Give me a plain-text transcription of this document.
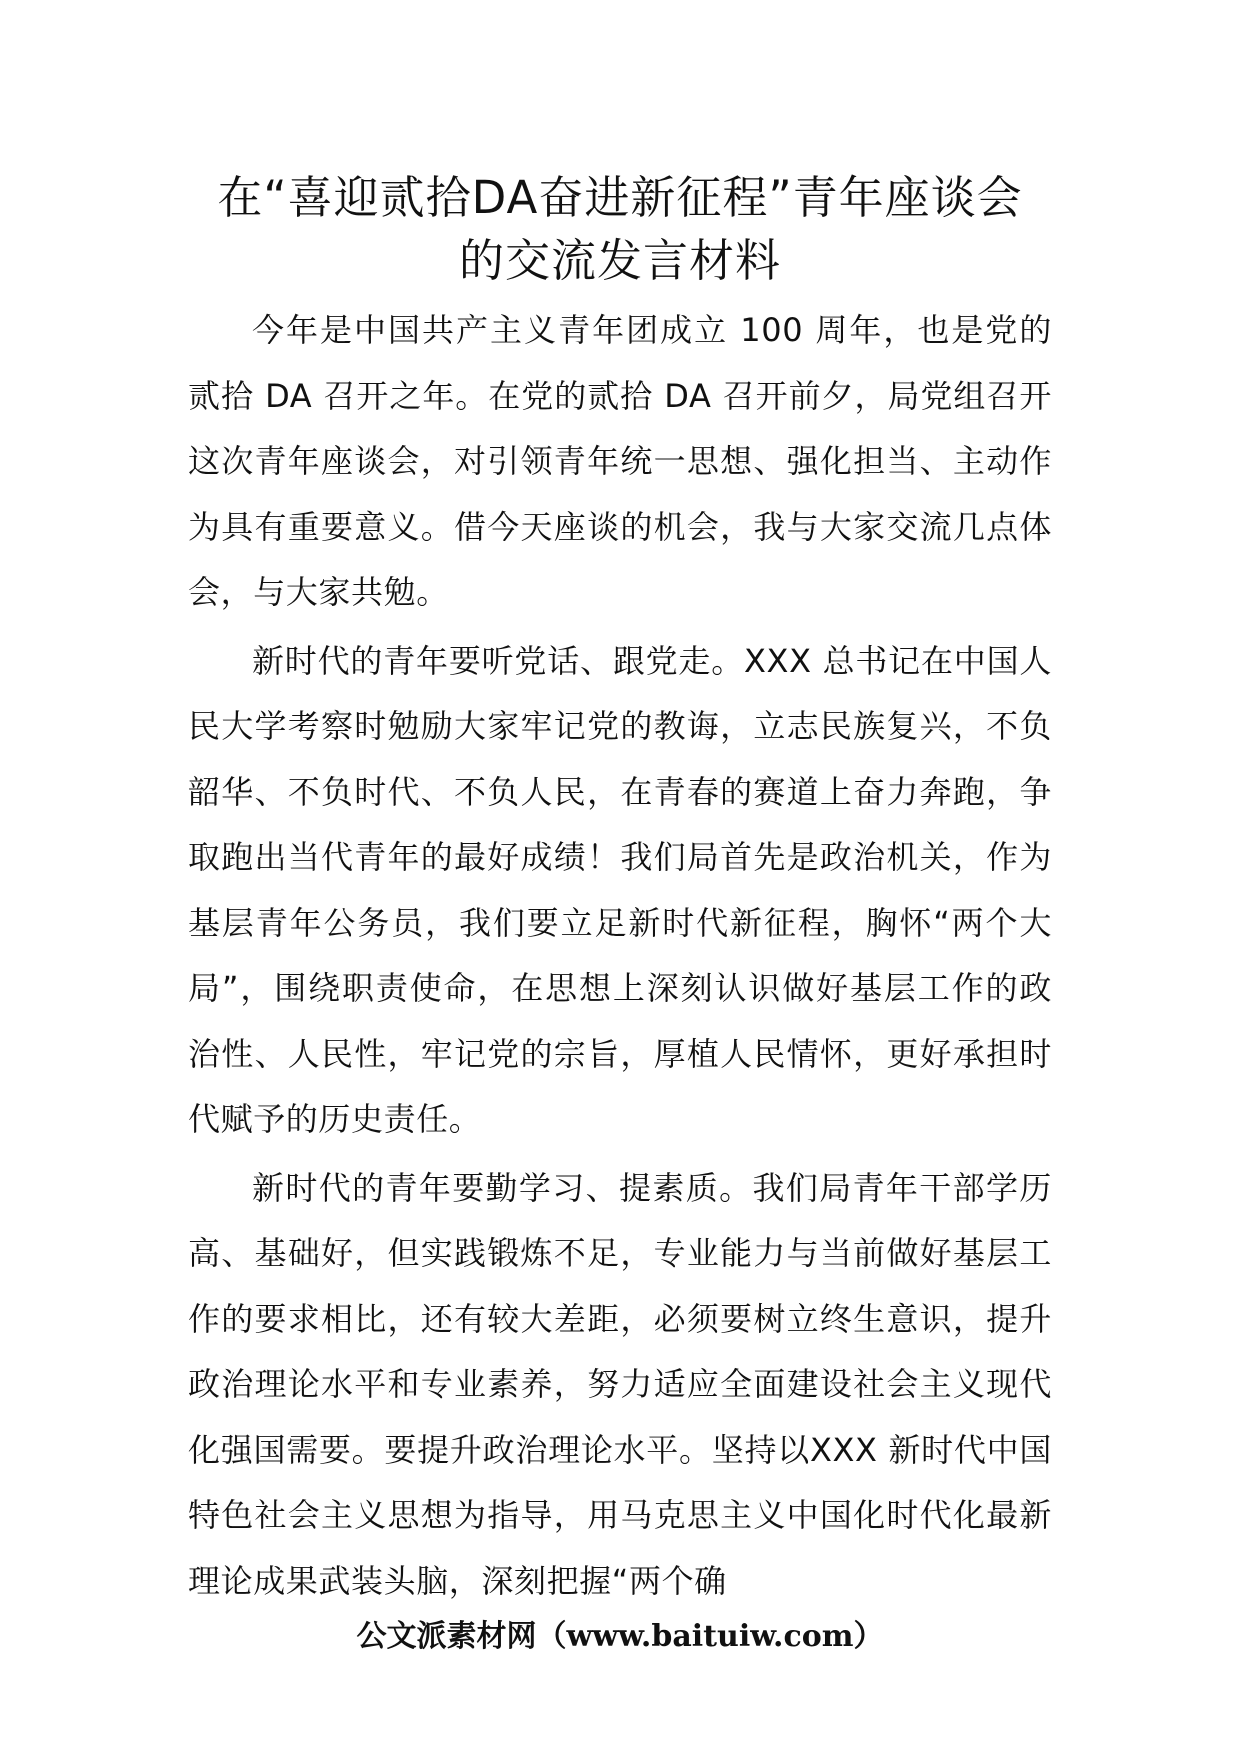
在“喜迎贰拾DA奋进新征程”青年座谈会
的交流发言材料

今年是中国共产主义青年团成立 100 周年，也是党的贰拾 DA 召开之年。在党的贰拾 DA 召开前夕，局党组召开这次青年座谈会，对引领青年统一思想、强化担当、主动作为具有重要意义。借今天座谈的机会，我与大家交流几点体会，与大家共勉。

新时代的青年要听党话、跟党走。XXX 总书记在中国人民大学考察时勉励大家牢记党的教诲，立志民族复兴，不负韶华、不负时代、不负人民，在青春的赛道上奋力奔跑，争取跑出当代青年的最好成绩！我们局首先是政治机关，作为基层青年公务员，我们要立足新时代新征程，胸怀“两个大局”，围绕职责使命，在思想上深刻认识做好基层工作的政治性、人民性，牢记党的宗旨，厚植人民情怀，更好承担时代赋予的历史责任。

新时代的青年要勤学习、提素质。我们局青年干部学历高、基础好，但实践锻炼不足，专业能力与当前做好基层工作的要求相比，还有较大差距，必须要树立终生意识，提升政治理论水平和专业素养，努力适应全面建设社会主义现代化强国需要。要提升政治理论水平。坚持以XXX 新时代中国特色社会主义思想为指导，用马克思主义中国化时代化最新理论成果武装头脑，深刻把握“两个确

公文派素材网（www.baituiw.com）
